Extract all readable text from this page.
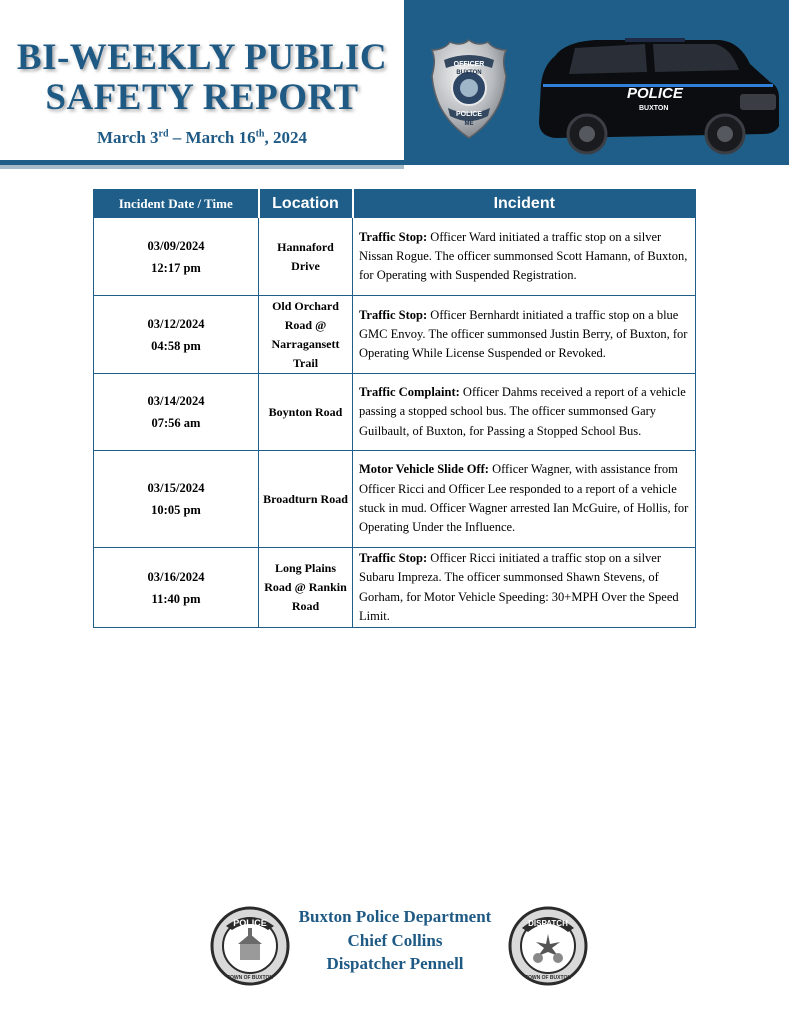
BI-WEEKLY PUBLIC
SAFETY REPORT
March 3rd – March 16th, 2024
OFFICER
BUXTON
POLICE
ME
POLICE
BUXTON
Incident Date / Time	Location	Incident
03/09/2024
12:17 pm	Hannaford Drive	Traffic Stop: Officer Ward initiated a traffic stop on a silver Nissan Rogue. The officer summonsed Scott Hamann, of Buxton, for Operating with Suspended Registration.
03/12/2024
04:58 pm	Old Orchard Road @ Narragansett Trail	Traffic Stop: Officer Bernhardt initiated a traffic stop on a blue GMC Envoy. The officer summonsed Justin Berry, of Buxton, for Operating While License Suspended or Revoked.
03/14/2024
07:56 am	Boynton Road	Traffic Complaint: Officer Dahms received a report of a vehicle passing a stopped school bus. The officer summonsed Gary Guilbault, of Buxton, for Passing a Stopped School Bus.
03/15/2024
10:05 pm	Broadturn Road	Motor Vehicle Slide Off: Officer Wagner, with assistance from Officer Ricci and Officer Lee responded to a report of a vehicle stuck in mud. Officer Wagner arrested Ian McGuire, of Hollis, for Operating Under the Influence.
03/16/2024
11:40 pm	Long Plains Road @ Rankin Road	Traffic Stop: Officer Ricci initiated a traffic stop on a silver Subaru Impreza. The officer summonsed Shawn Stevens, of Gorham, for Motor Vehicle Speeding: 30+MPH Over the Speed Limit.
POLICE
TOWN OF BUXTON
Buxton Police Department
Chief Collins
Dispatcher Pennell
DISPATCH
TOWN OF BUXTON
